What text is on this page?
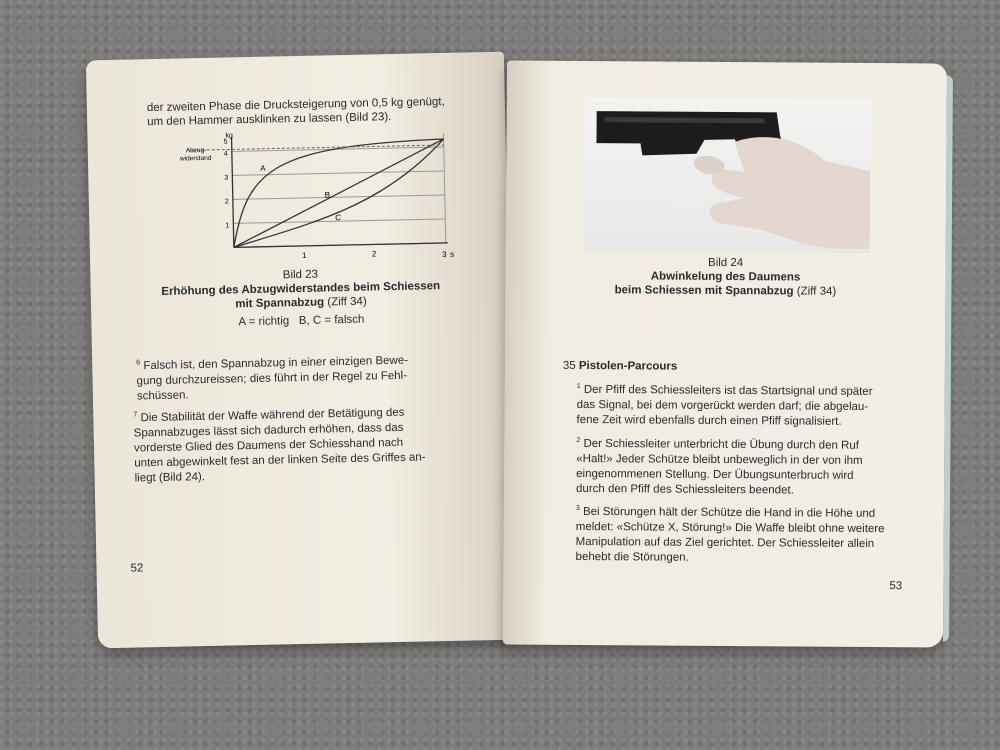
der zweiten Phase die Drucksteigerung von 0,5 kg genügt,
um den Hammer ausklinken zu lassen (Bild 23).
kg
Abzug-
widerstand
1
2
3
4
5
1	2	3 s
A
B
C
Bild 23
Erhöhung des Abzugwiderstandes beim Schiessen
mit Spannabzug (Ziff 34)
A = richtig   B, C = falsch
$^6$ Falsch ist, den Spannabzug in einer einzigen Bewe-
gung durchzureissen; dies führt in der Regel zu Fehl-
schüssen.
$^7$ Die Stabilität der Waffe während der Betätigung des
Spannabzuges lässt sich dadurch erhöhen, dass das
vorderste Glied des Daumens der Schiesshand nach
unten abgewinkelt fest an der linken Seite des Griffes an-
liegt (Bild 24).
52
Bild 24
Abwinkelung des Daumens
beim Schiessen mit Spannabzug (Ziff 34)
35 Pistolen-Parcours
$^1$ Der Pfiff des Schiessleiters ist das Startsignal und später
das Signal, bei dem vorgerückt werden darf; die abgelau-
fene Zeit wird ebenfalls durch einen Pfiff signalisiert.
$^2$ Der Schiessleiter unterbricht die Übung durch den Ruf
«Halt!» Jeder Schütze bleibt unbeweglich in der von ihm
eingenommenen Stellung. Der Übungsunterbruch wird
durch den Pfiff des Schiessleiters beendet.
$^3$ Bei Störungen hält der Schütze die Hand in die Höhe und
meldet: «Schütze X, Störung!» Die Waffe bleibt ohne weitere
Manipulation auf das Ziel gerichtet. Der Schiessleiter allein
behebt die Störungen.
53
